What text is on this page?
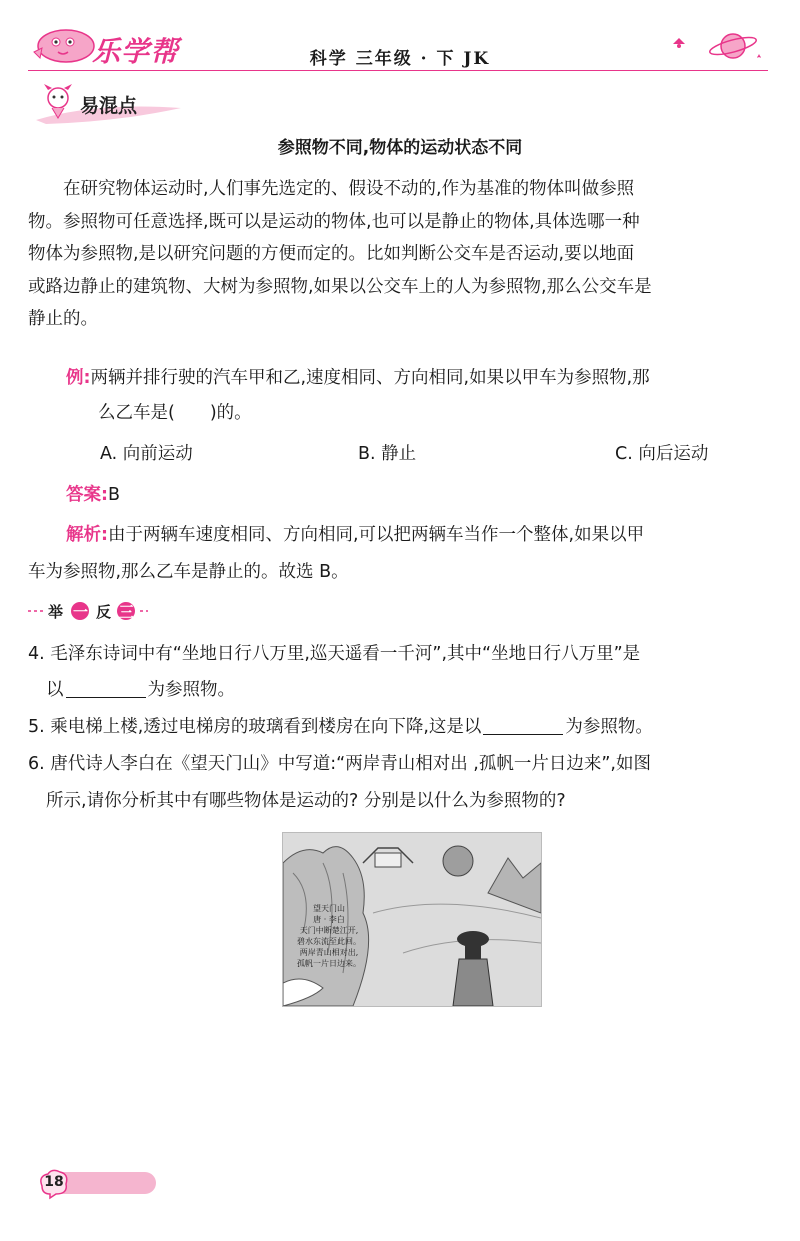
乐学帮	科学 三年级 · 下 JK
易混点
参照物不同,物体的运动状态不同
　　在研究物体运动时,人们事先选定的、假设不动的,作为基准的物体叫做参照
物。参照物可任意选择,既可以是运动的物体,也可以是静止的物体,具体选哪一种
物体为参照物,是以研究问题的方便而定的。比如判断公交车是否运动,要以地面
或路边静止的建筑物、大树为参照物,如果以公交车上的人为参照物,那么公交车是
静止的。
例:两辆并排行驶的汽车甲和乙,速度相同、方向相同,如果以甲车为参照物,那
么乙车是(　　)的。
A. 向前运动	B. 静止	C. 向后运动
答案:B
解析:由于两辆车速度相同、方向相同,可以把两辆车当作一个整体,如果以甲
车为参照物,那么乙车是静止的。故选 B。
举 一 反 三
4. 毛泽东诗词中有“坐地日行八万里,巡天遥看一千河”,其中“坐地日行八万里”是
以	为参照物。
5. 乘电梯上楼,透过电梯房的玻璃看到楼房在向下降,这是以	为参照物。
6. 唐代诗人李白在《望天门山》中写道:“两岸青山相对出 ,孤帆一片日边来”,如图
所示,请你分析其中有哪些物体是运动的? 分别是以什么为参照物的?
望天门山
唐 · 李白
天门中断楚江开,
碧水东流至此回。
两岸青山相对出,
孤帆一片日边来。
18
